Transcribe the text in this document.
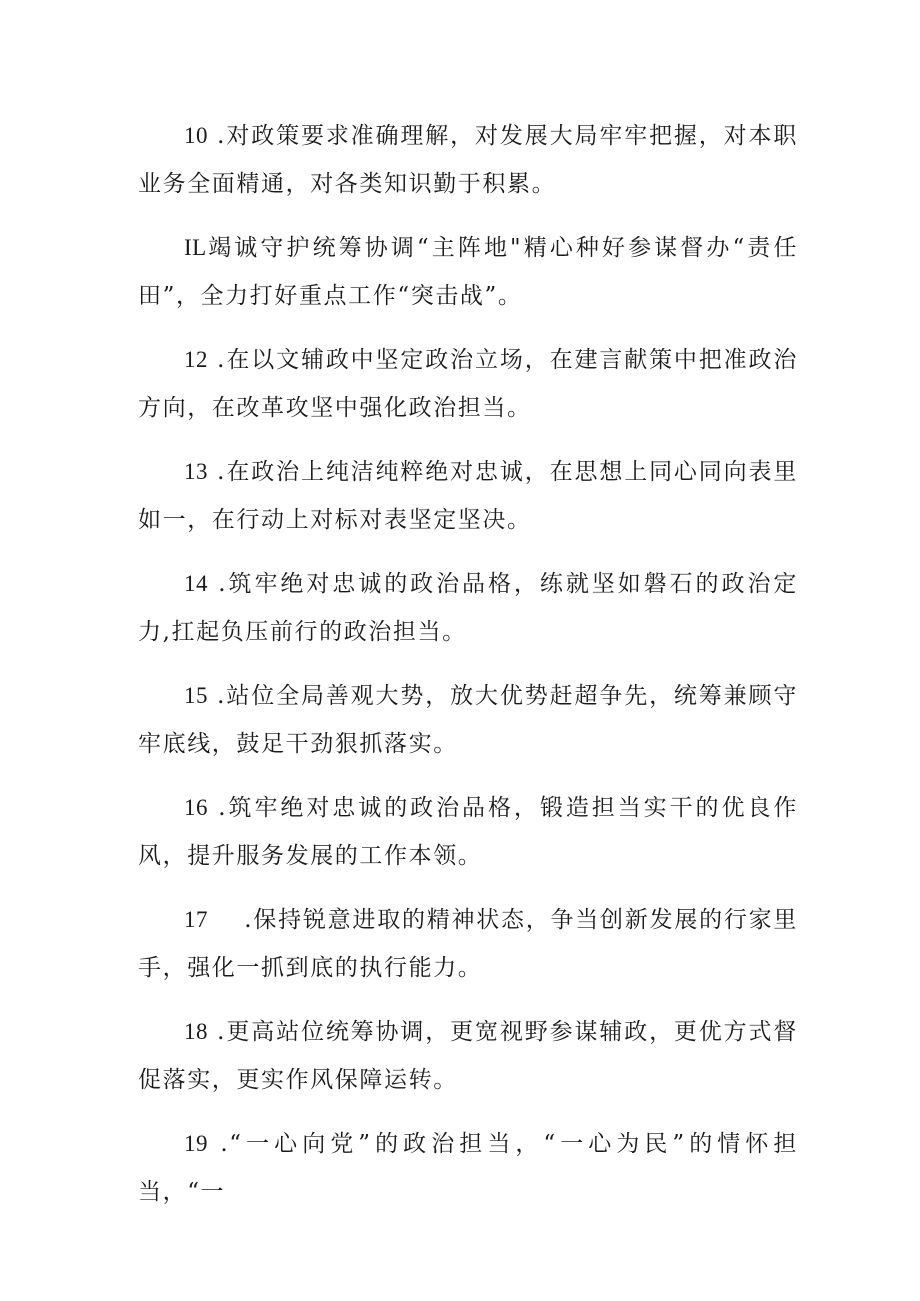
10 .对政策要求准确理解，对发展大局牢牢把握，对本职业务全面精通，对各类知识勤于积累。

IL竭诚守护统筹协调“主阵地"精心种好参谋督办“责任田”，全力打好重点工作“突击战”。

12 .在以文辅政中坚定政治立场，在建言献策中把准政治方向，在改革攻坚中强化政治担当。

13 .在政治上纯洁纯粹绝对忠诚，在思想上同心同向表里如一，在行动上对标对表坚定坚决。

14 .筑牢绝对忠诚的政治品格，练就坚如磐石的政治定力,扛起负压前行的政治担当。

15 .站位全局善观大势，放大优势赶超争先，统筹兼顾守牢底线，鼓足干劲狠抓落实。

16 .筑牢绝对忠诚的政治品格，锻造担当实干的优良作风，提升服务发展的工作本领。

17    .保持锐意进取的精神状态，争当创新发展的行家里手，强化一抓到底的执行能力。

18 .更高站位统筹协调，更宽视野参谋辅政，更优方式督促落实，更实作风保障运转。

19 .“一心向党”的政治担当，“一心为民”的情怀担当，“一
